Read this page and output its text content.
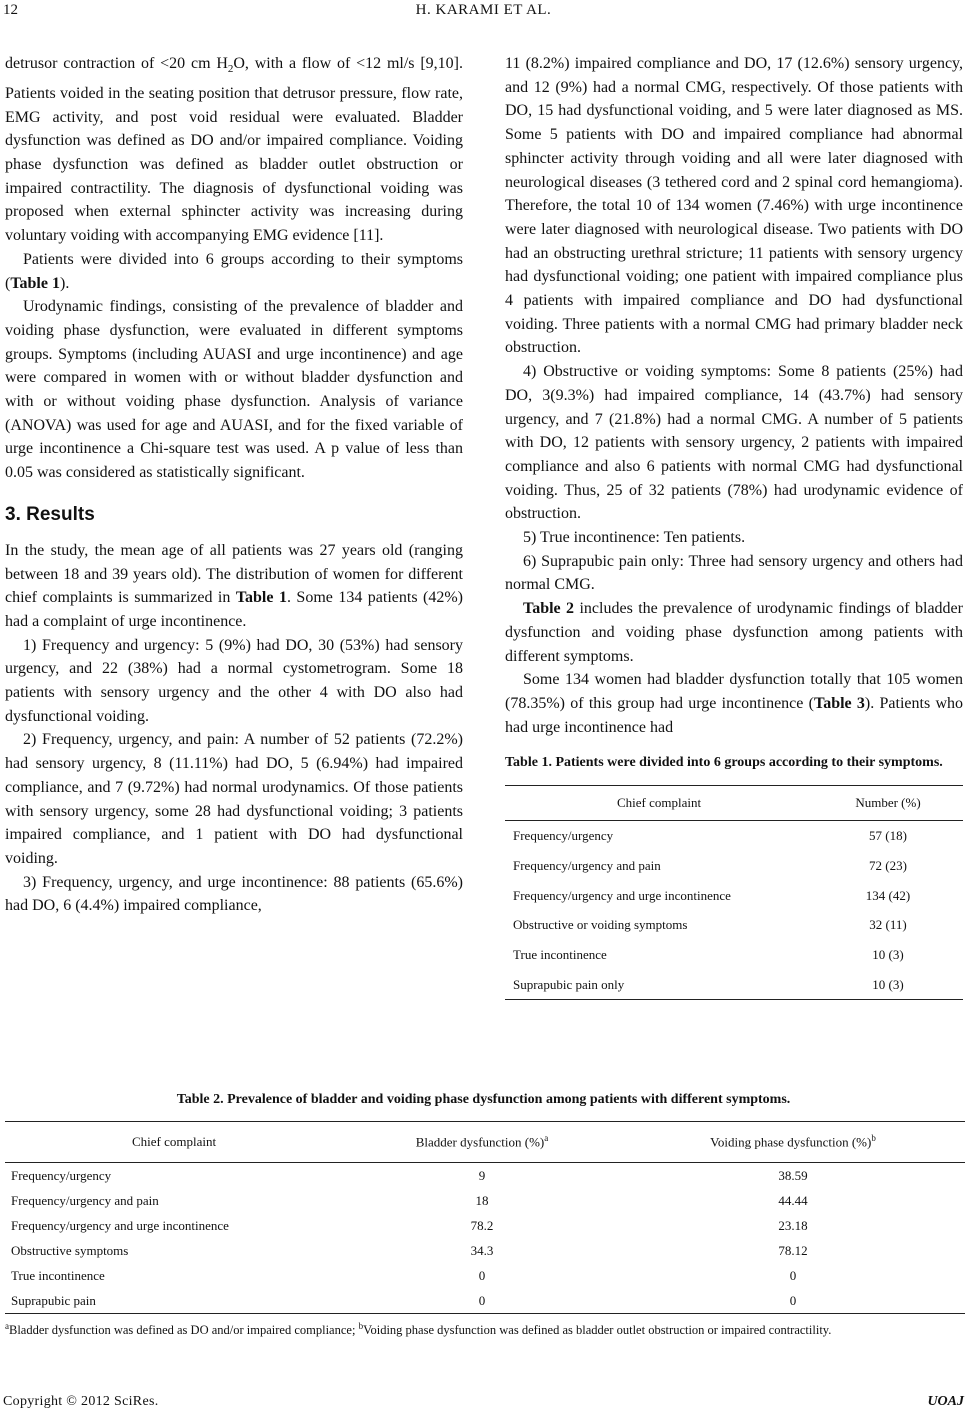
12	H. KARAMI ET AL.

detrusor contraction of <20 cm $H_2O$, with a flow of <12 ml/s [9,10]. Patients voided in the seating position that detrusor pressure, flow rate, EMG activity, and post void residual were evaluated. Bladder dysfunction was defined as DO and/or impaired compliance. Voiding phase dysfunction was defined as bladder outlet obstruction or impaired contractility. The diagnosis of dysfunctional voiding was proposed when external sphincter activity was increasing during voluntary voiding with accompanying EMG evidence [11].

Patients were divided into 6 groups according to their symptoms (Table 1).

Urodynamic findings, consisting of the prevalence of bladder and voiding phase dysfunction, were evaluated in different symptoms groups. Symptoms (including AUASI and urge incontinence) and age were compared in women with or without bladder dysfunction and with or without voiding phase dysfunction. Analysis of variance (ANOVA) was used for age and AUASI, and for the fixed variable of urge incontinence a Chi-square test was used. A p value of less than 0.05 was considered as statistically significant.

3. Results

In the study, the mean age of all patients was 27 years old (ranging between 18 and 39 years old). The distribution of women for different chief complaints is summarized in Table 1. Some 134 patients (42%) had a complaint of urge incontinence.

1) Frequency and urgency: 5 (9%) had DO, 30 (53%) had sensory urgency, and 22 (38%) had a normal cystometrogram. Some 18 patients with sensory urgency and the other 4 with DO also had dysfunctional voiding.

2) Frequency, urgency, and pain: A number of 52 patients (72.2%) had sensory urgency, 8 (11.11%) had DO, 5 (6.94%) had impaired compliance, and 7 (9.72%) had normal urodynamics. Of those patients with sensory urgency, some 28 had dysfunctional voiding; 3 patients impaired compliance, and 1 patient with DO had dysfunctional voiding.

3) Frequency, urgency, and urge incontinence: 88 patients (65.6%) had DO, 6 (4.4%) impaired compliance,

11 (8.2%) impaired compliance and DO, 17 (12.6%) sensory urgency, and 12 (9%) had a normal CMG, respectively. Of those patients with DO, 15 had dysfunctional voiding, and 5 were later diagnosed as MS. Some 5 patients with DO and impaired compliance had abnormal sphincter activity through voiding and all were later diagnosed with neurological diseases (3 tethered cord and 2 spinal cord hemangioma). Therefore, the total 10 of 134 women (7.46%) with urge incontinence were later diagnosed with neurological disease. Two patients with DO had an obstructing urethral stricture; 11 patients with sensory urgency had dysfunctional voiding; one patient with impaired compliance plus 4 patients with impaired compliance and DO had dysfunctional voiding. Three patients with a normal CMG had primary bladder neck obstruction.

4) Obstructive or voiding symptoms: Some 8 patients (25%) had DO, 3(9.3%) had impaired compliance, 14 (43.7%) had sensory urgency, and 7 (21.8%) had a normal CMG. A number of 5 patients with DO, 12 patients with sensory urgency, 2 patients with impaired compliance and also 6 patients with normal CMG had dysfunctional voiding. Thus, 25 of 32 patients (78%) had urodynamic evidence of obstruction.

5) True incontinence: Ten patients.

6) Suprapubic pain only: Three had sensory urgency and others had normal CMG.

Table 2 includes the prevalence of urodynamic findings of bladder dysfunction and voiding phase dysfunction among patients with different symptoms.

Some 134 women had bladder dysfunction totally that 105 women (78.35%) of this group had urge incontinence (Table 3). Patients who had urge incontinence had

Table 1. Patients were divided into 6 groups according to their symptoms.
Chief complaint	Number (%)
Frequency/urgency	57 (18)
Frequency/urgency and pain	72 (23)
Frequency/urgency and urge incontinence	134 (42)
Obstructive or voiding symptoms	32 (11)
True incontinence	10 (3)
Suprapubic pain only	10 (3)
Table 2. Prevalence of bladder and voiding phase dysfunction among patients with different symptoms.
Chief complaint	Bladder dysfunction (%)$^a$	Voiding phase dysfunction (%)$^b$
Frequency/urgency	9	38.59
Frequency/urgency and pain	18	44.44
Frequency/urgency and urge incontinence	78.2	23.18
Obstructive symptoms	34.3	78.12
True incontinence	0	0
Suprapubic pain	0	0
$^a$Bladder dysfunction was defined as DO and/or impaired compliance; $^b$Voiding phase dysfunction was defined as bladder outlet obstruction or impaired contractility.
Copyright © 2012 SciRes.	UOAJ
